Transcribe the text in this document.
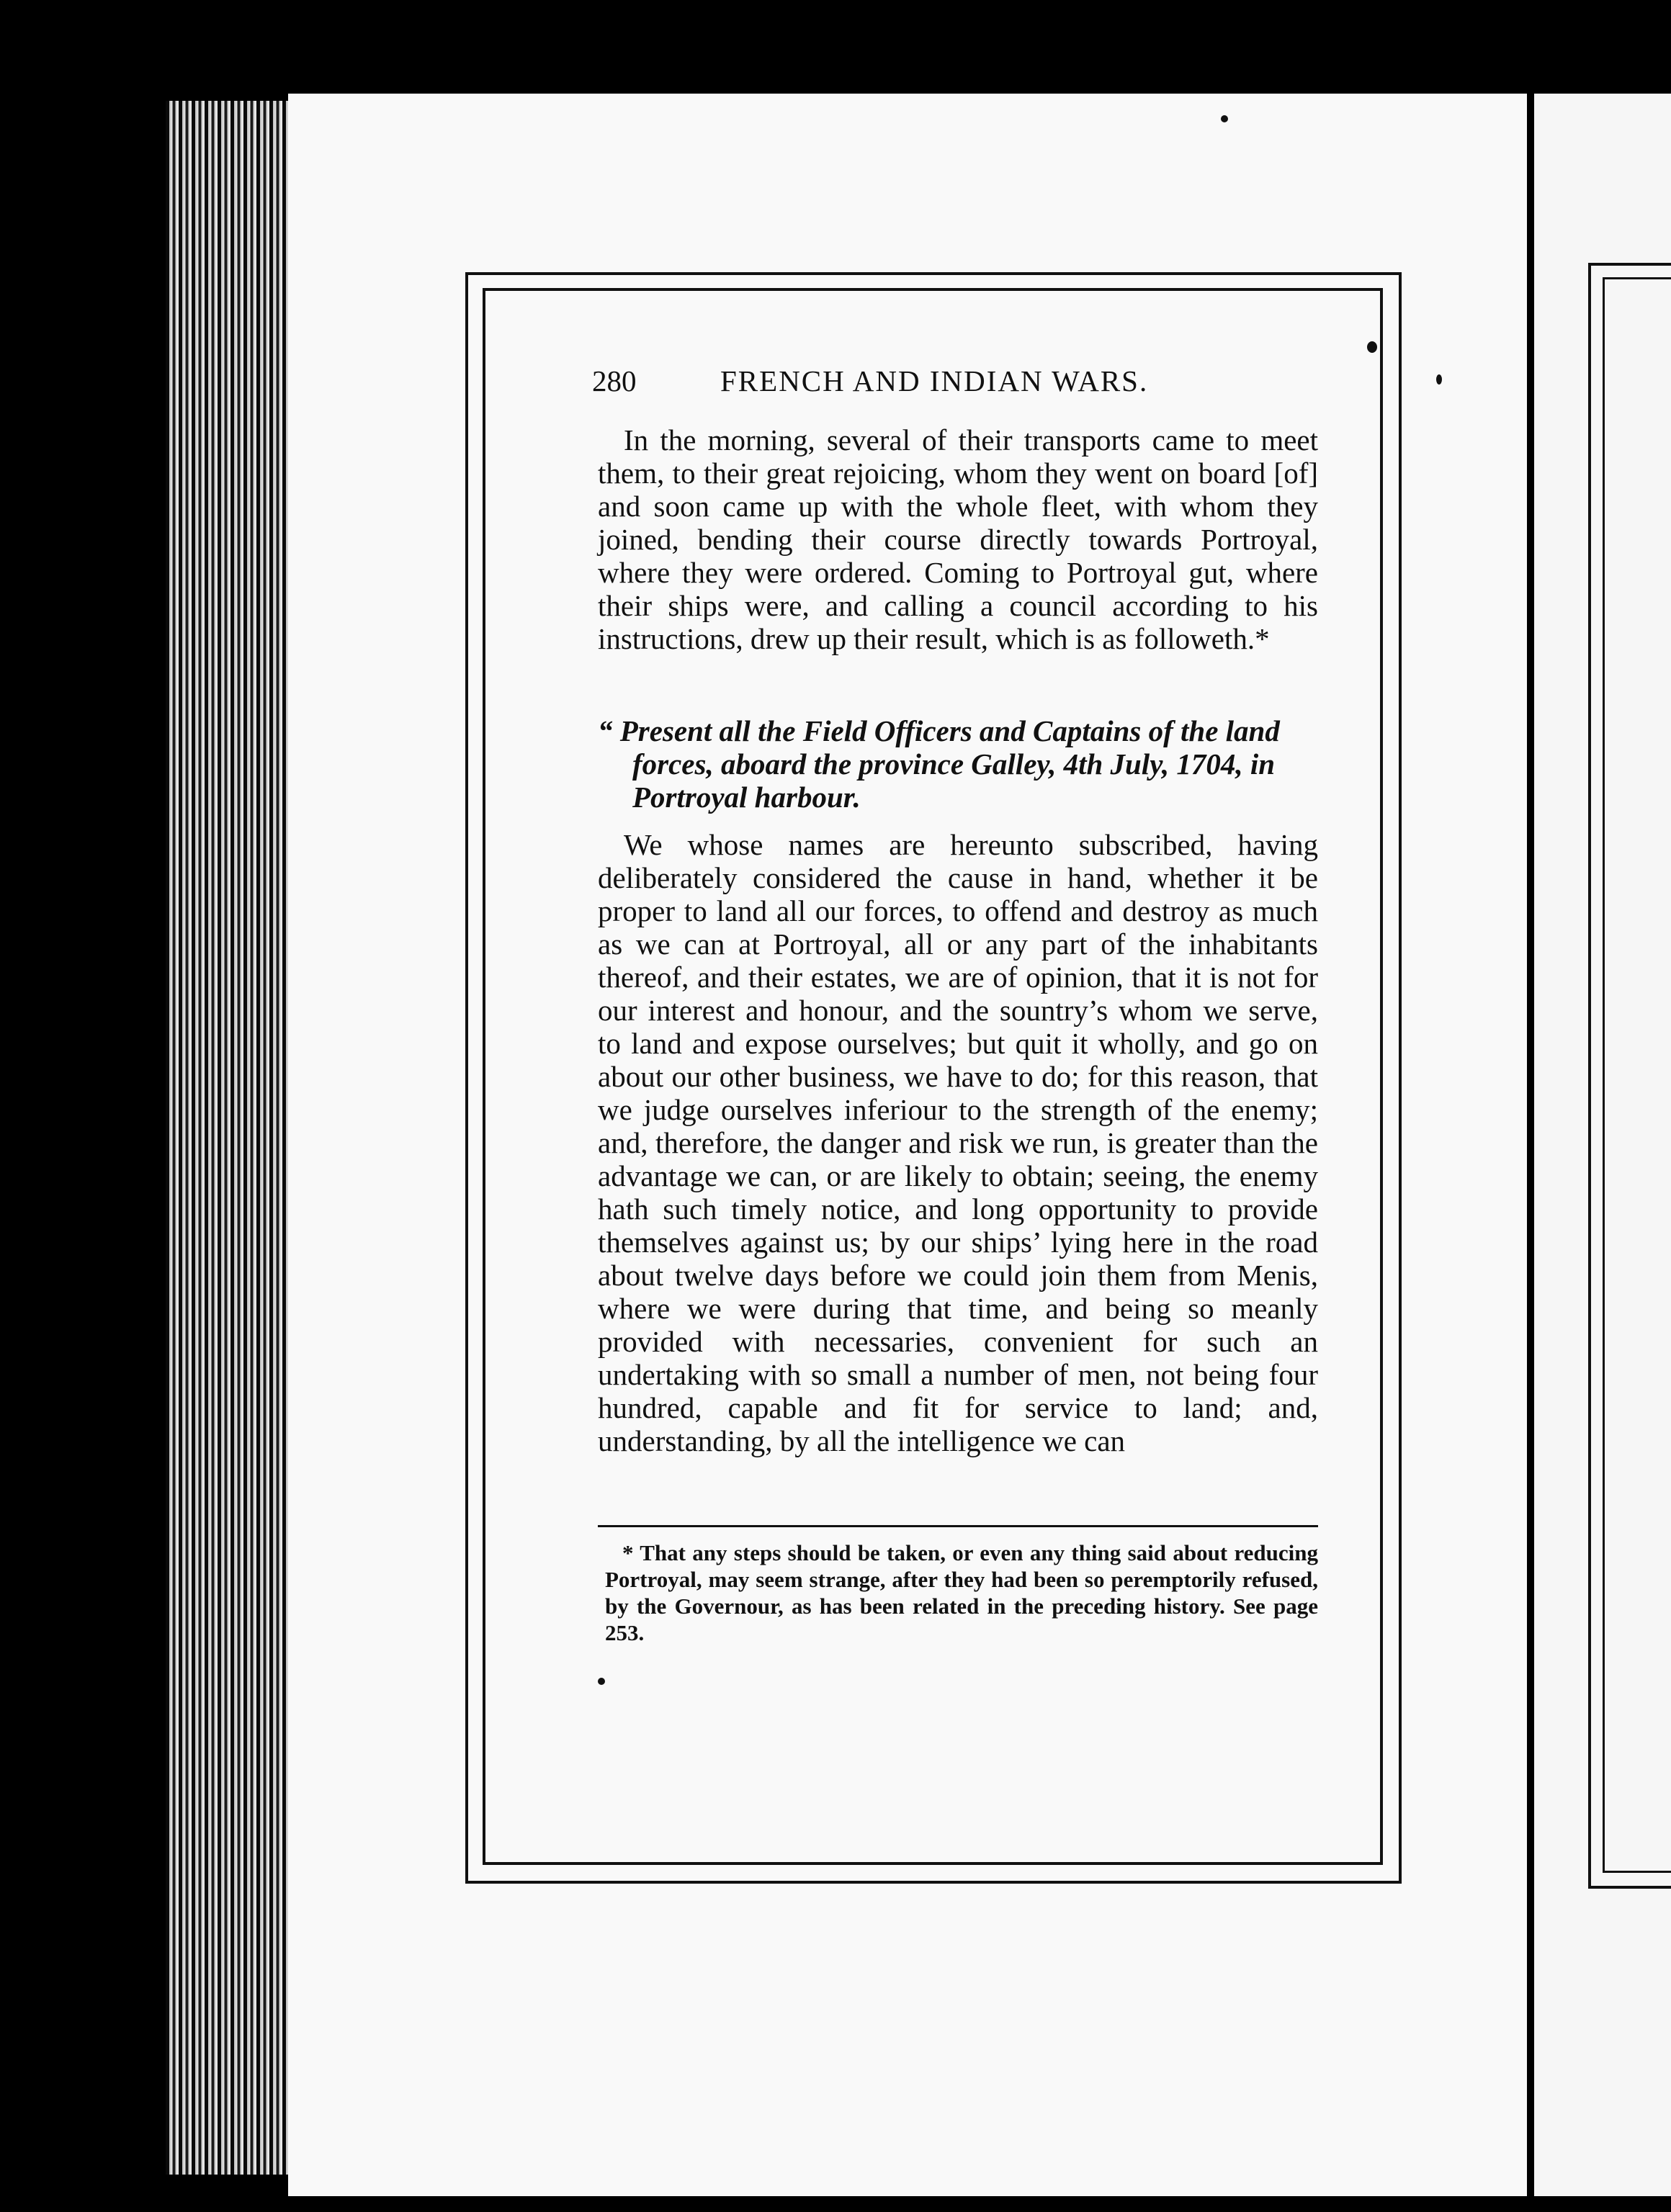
280	FRENCH AND INDIAN WARS.

In the morning, several of their transports came to meet them, to their great rejoicing, whom they went on board [of] and soon came up with the whole fleet, with whom they joined, bending their course directly towards Portroyal, where they were ordered. Coming to Portroyal gut, where their ships were, and calling a council according to his instructions, drew up their result, which is as followeth.*

“ Present all the Field Officers and Captains of the land forces, aboard the province Galley, 4th July, 1704, in Portroyal harbour.

We whose names are hereunto subscribed, having deliberately considered the cause in hand, whether it be proper to land all our forces, to offend and destroy as much as we can at Portroyal, all or any part of the inhabitants thereof, and their estates, we are of opinion, that it is not for our interest and honour, and the sountry’s whom we serve, to land and expose ourselves; but quit it wholly, and go on about our other business, we have to do; for this reason, that we judge ourselves inferiour to the strength of the enemy; and, therefore, the danger and risk we run, is greater than the advantage we can, or are likely to obtain; seeing, the enemy hath such timely notice, and long opportunity to provide themselves against us; by our ships’ lying here in the road about twelve days before we could join them from Menis, where we were during that time, and being so meanly provided with necessaries, convenient for such an undertaking with so small a number of men, not being four hundred, capable and fit for service to land; and, understanding, by all the intelligence we can

* That any steps should be taken, or even any thing said about reducing Portroyal, may seem strange, after they had been so peremptorily refused, by the Governour, as has been related in the preceding history. See page 253.
